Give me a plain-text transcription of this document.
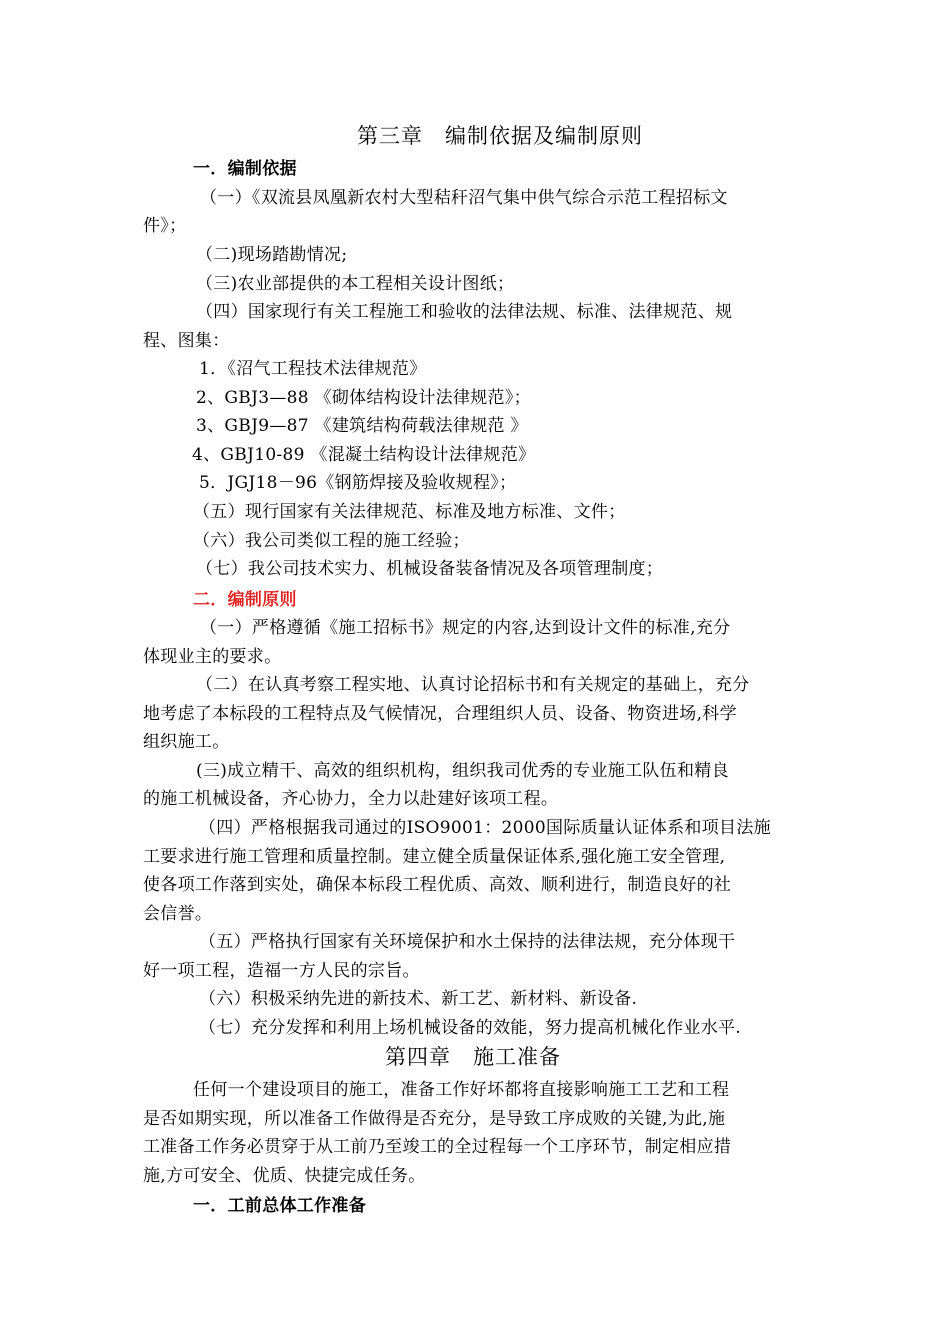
第三章　编制依据及编制原则
一．编制依据
（一）《双流县凤凰新农村大型秸秆沼气集中供气综合示范工程招标文
件》；
（二)现场踏勘情况;
（三)农业部提供的本工程相关设计图纸；
（四）国家现行有关工程施工和验收的法律法规、标准、法律规范、规
程、图集：
1．《沼气工程技术法律规范》
2、GBJ3—88 《砌体结构设计法律规范》；
3、GBJ9—87 《建筑结构荷载法律规范 》
4、GBJ10-89 《混凝土结构设计法律规范》
5．JGJ18－96《钢筋焊接及验收规程》；
（五）现行国家有关法律规范、标准及地方标准、文件；
（六）我公司类似工程的施工经验；
（七）我公司技术实力、机械设备装备情况及各项管理制度；
二．编制原则
（一）严格遵循《施工招标书》规定的内容,达到设计文件的标准,充分
体现业主的要求。
（二）在认真考察工程实地、认真讨论招标书和有关规定的基础上，充分
地考虑了本标段的工程特点及气候情况，合理组织人员、设备、物资进场,科学
组织施工。
(三)成立精干、高效的组织机构，组织我司优秀的专业施工队伍和精良
的施工机械设备，齐心协力，全力以赴建好该项工程。
（四）严格根据我司通过的ISO9001：2000国际质量认证体系和项目法施
工要求进行施工管理和质量控制。建立健全质量保证体系,强化施工安全管理,
使各项工作落到实处，确保本标段工程优质、高效、顺利进行，制造良好的社
会信誉。
（五）严格执行国家有关环境保护和水土保持的法律法规，充分体现干
好一项工程，造福一方人民的宗旨。
（六）积极采纳先进的新技术、新工艺、新材料、新设备.
（七）充分发挥和利用上场机械设备的效能，努力提高机械化作业水平.
第四章　施工准备
任何一个建设项目的施工，准备工作好坏都将直接影响施工工艺和工程
是否如期实现，所以准备工作做得是否充分，是导致工序成败的关键,为此,施
工准备工作务必贯穿于从工前乃至竣工的全过程每一个工序环节，制定相应措
施,方可安全、优质、快捷完成任务。
一．工前总体工作准备
